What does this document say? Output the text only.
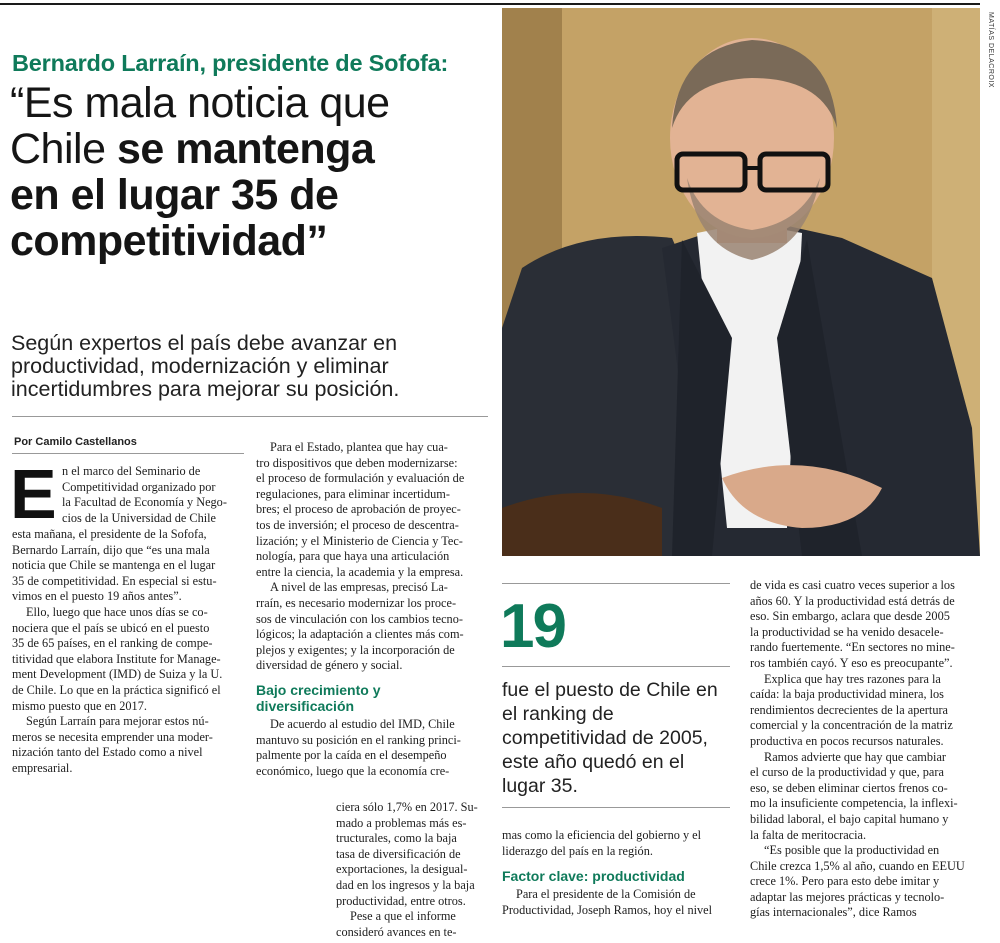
Bernardo Larraín, presidente de Sofofa:
“Es mala noticia que
Chile se mantenga
en el lugar 35 de
competitividad”
Según expertos el país debe avanzar en
productividad, modernización y eliminar
incertidumbres para mejorar su posición.
Por Camilo Castellanos
E n el marco del Seminario de
Competitividad organizado por
la Facultad de Economía y Nego-
cios de la Universidad de Chile
esta mañana, el presidente de la Sofofa,
Bernardo Larraín, dijo que “es una mala
noticia que Chile se mantenga en el lugar
35 de competitividad. En especial si estu-
vimos en el puesto 19 años antes”.
Ello, luego que hace unos días se co-
nociera que el país se ubicó en el puesto
35 de 65 países, en el ranking de compe-
titividad que elabora Institute for Manage-
ment Development (IMD) de Suiza y la U.
de Chile. Lo que en la práctica significó el
mismo puesto que en 2017.
Según Larraín para mejorar estos nú-
meros se necesita emprender una moder-
nización tanto del Estado como a nivel
empresarial.
Para el Estado, plantea que hay cua-
tro dispositivos que deben modernizarse:
el proceso de formulación y evaluación de
regulaciones, para eliminar incertidum-
bres; el proceso de aprobación de proyec-
tos de inversión; el proceso de descentra-
lización; y el Ministerio de Ciencia y Tec-
nología, para que haya una articulación
entre la ciencia, la academia y la empresa.
A nivel de las empresas, precisó La-
rraín, es necesario modernizar los proce-
sos de vinculación con los cambios tecno-
lógicos; la adaptación a clientes más com-
plejos y exigentes; y la incorporación de
diversidad de género y social.
Bajo crecimiento y
diversificación
De acuerdo al estudio del IMD, Chile
mantuvo su posición en el ranking princi-
palmente por la caída en el desempeño
económico, luego que la economía cre-
ciera sólo 1,7% en 2017. Su-
mado a problemas más es-
tructurales, como la baja
tasa de diversificación de
exportaciones, la desigual-
dad en los ingresos y la baja
productividad, entre otros.
Pese a que el informe
consideró avances en te-
MATÍAS DELACROIX
19
fue el puesto de Chile en
el ranking de
competitividad de 2005,
este año quedó en el
lugar 35.
mas como la eficiencia del gobierno y el
liderazgo del país en la región.
Factor clave: productividad
Para el presidente de la Comisión de
Productividad, Joseph Ramos, hoy el nivel
de vida es casi cuatro veces superior a los
años 60. Y la productividad está detrás de
eso. Sin embargo, aclara que desde 2005
la productividad se ha venido desacele-
rando fuertemente. “En sectores no mine-
ros también cayó. Y eso es preocupante”.
Explica que hay tres razones para la
caída: la baja productividad minera, los
rendimientos decrecientes de la apertura
comercial y la concentración de la matriz
productiva en pocos recursos naturales.
Ramos advierte que hay que cambiar
el curso de la productividad y que, para
eso, se deben eliminar ciertos frenos co-
mo la insuficiente competencia, la inflexi-
bilidad laboral, el bajo capital humano y
la falta de meritocracia.
“Es posible que la productividad en
Chile crezca 1,5% al año, cuando en EEUU
crece 1%. Pero para esto debe imitar y
adaptar las mejores prácticas y tecnolo-
gías internacionales”, dice Ramos
